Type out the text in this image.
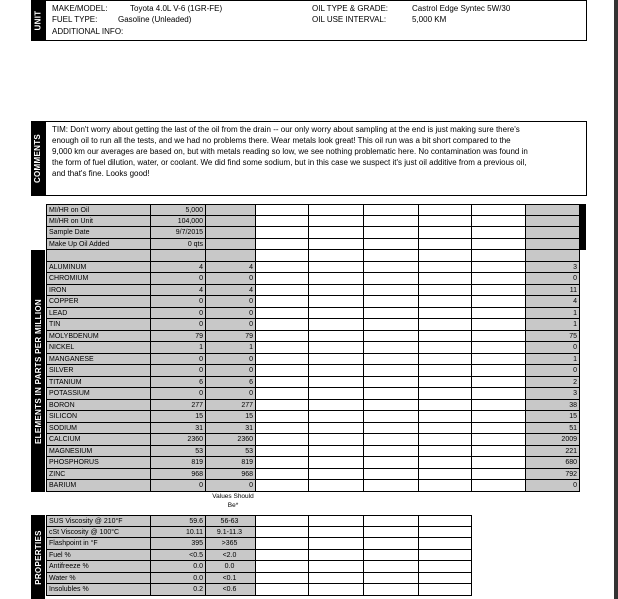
UNIT
MAKE/MODEL:	Toyota 4.0L V-6 (1GR-FE)
FUEL TYPE:	Gasoline (Unleaded)
ADDITIONAL INFO:
OIL TYPE & GRADE:	Castrol Edge Syntec 5W/30
OIL USE INTERVAL:	5,000 KM
COMMENTS
TIM: Don't worry about getting the last of the oil from the drain -- our only worry about sampling at the end is just making sure there's enough oil to run all the tests, and we had no problems there. Wear metals look great! This oil run was a bit short compared to the 9,000 km our averages are based on, but with metals reading so low, we see nothing problematic here. No contamination was found in the form of fuel dilution, water, or coolant. We did find some sodium, but in this case we suspect it's just oil additive from a previous oil, and that's fine. Looks good!
ELEMENTS IN PARTS PER MILLION
Values Should Be*
MI/HR on Oil	5,000
MI/HR on Unit	104,000
Sample Date	9/7/2015
Make Up Oil Added	0 qts
ALUMINUM	4	4	3
CHROMIUM	0	0	0
IRON	4	4	11
COPPER	0	0	4
LEAD	0	0	1
TIN	0	0	1
MOLYBDENUM	79	79	75
NICKEL	1	1	0
MANGANESE	0	0	1
SILVER	0	0	0
TITANIUM	6	6	2
POTASSIUM	0	0	3
BORON	277	277	38
SILICON	15	15	15
SODIUM	31	31	51
CALCIUM	2360	2360	2009
MAGNESIUM	53	53	221
PHOSPHORUS	819	819	680
ZINC	968	968	792
BARIUM	0	0	0
PROPERTIES
SUS Viscosity @ 210°F	59.6	56-63
cSt Viscosity @ 100°C	10.11	9.1-11.3
Flashpoint in °F	395	>365
Fuel %	<0.5	<2.0
Antifreeze %	0.0	0.0
Water %	0.0	<0.1
Insolubles %	0.2	<0.6
